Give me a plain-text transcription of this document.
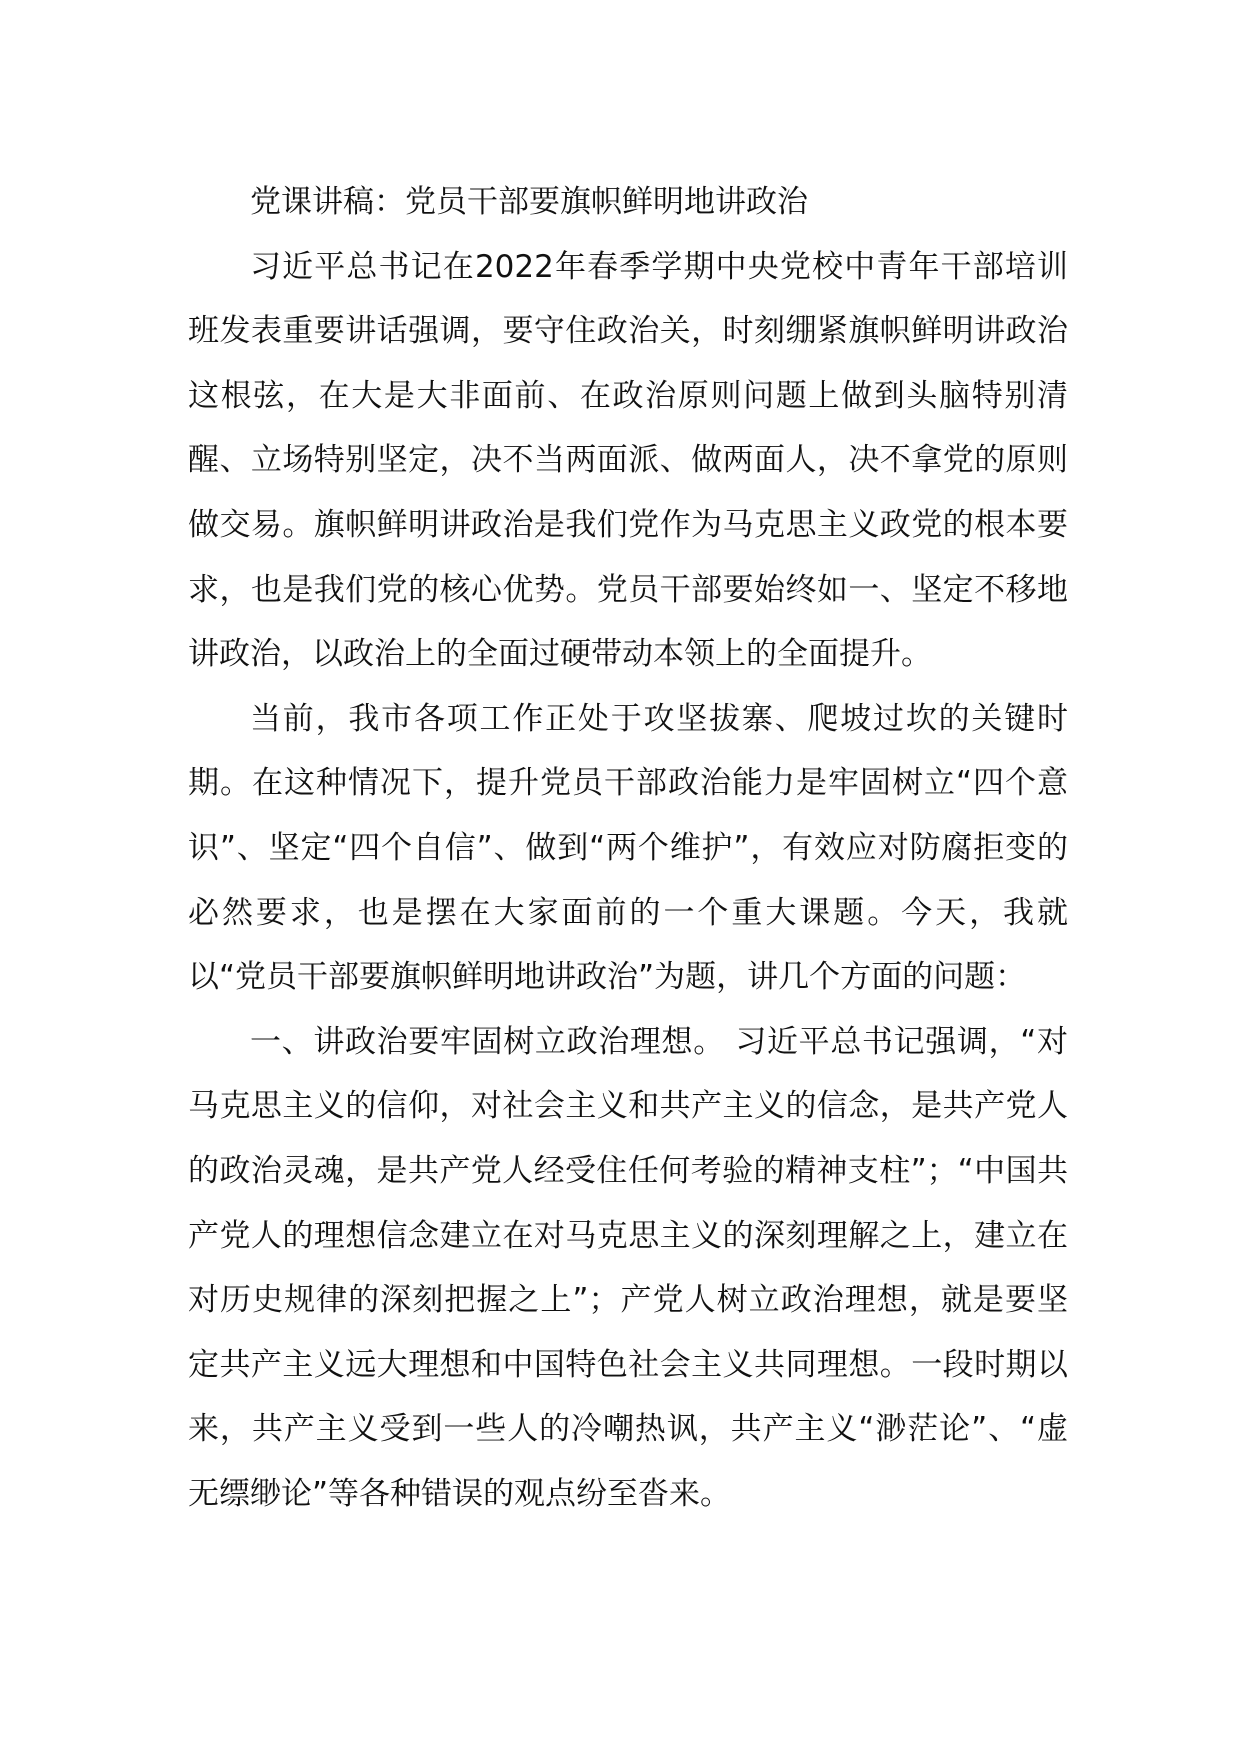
党课讲稿：党员干部要旗帜鲜明地讲政治

习近平总书记在2022年春季学期中央党校中青年干部培训班发表重要讲话强调，要守住政治关，时刻绷紧旗帜鲜明讲政治这根弦，在大是大非面前、在政治原则问题上做到头脑特别清醒、立场特别坚定，决不当两面派、做两面人，决不拿党的原则做交易。旗帜鲜明讲政治是我们党作为马克思主义政党的根本要求，也是我们党的核心优势。党员干部要始终如一、坚定不移地讲政治，以政治上的全面过硬带动本领上的全面提升。

当前，我市各项工作正处于攻坚拔寨、爬坡过坎的关键时期。在这种情况下，提升党员干部政治能力是牢固树立“四个意识”、坚定“四个自信”、做到“两个维护”，有效应对防腐拒变的必然要求，也是摆在大家面前的一个重大课题。今天，我就以“党员干部要旗帜鲜明地讲政治”为题，讲几个方面的问题：

一、讲政治要牢固树立政治理想。 习近平总书记强调，“对马克思主义的信仰，对社会主义和共产主义的信念，是共产党人的政治灵魂，是共产党人经受住任何考验的精神支柱”；“中国共产党人的理想信念建立在对马克思主义的深刻理解之上，建立在对历史规律的深刻把握之上”；产党人树立政治理想，就是要坚定共产主义远大理想和中国特色社会主义共同理想。一段时期以来，共产主义受到一些人的冷嘲热讽，共产主义“渺茫论”、“虚无缥缈论”等各种错误的观点纷至沓来。
